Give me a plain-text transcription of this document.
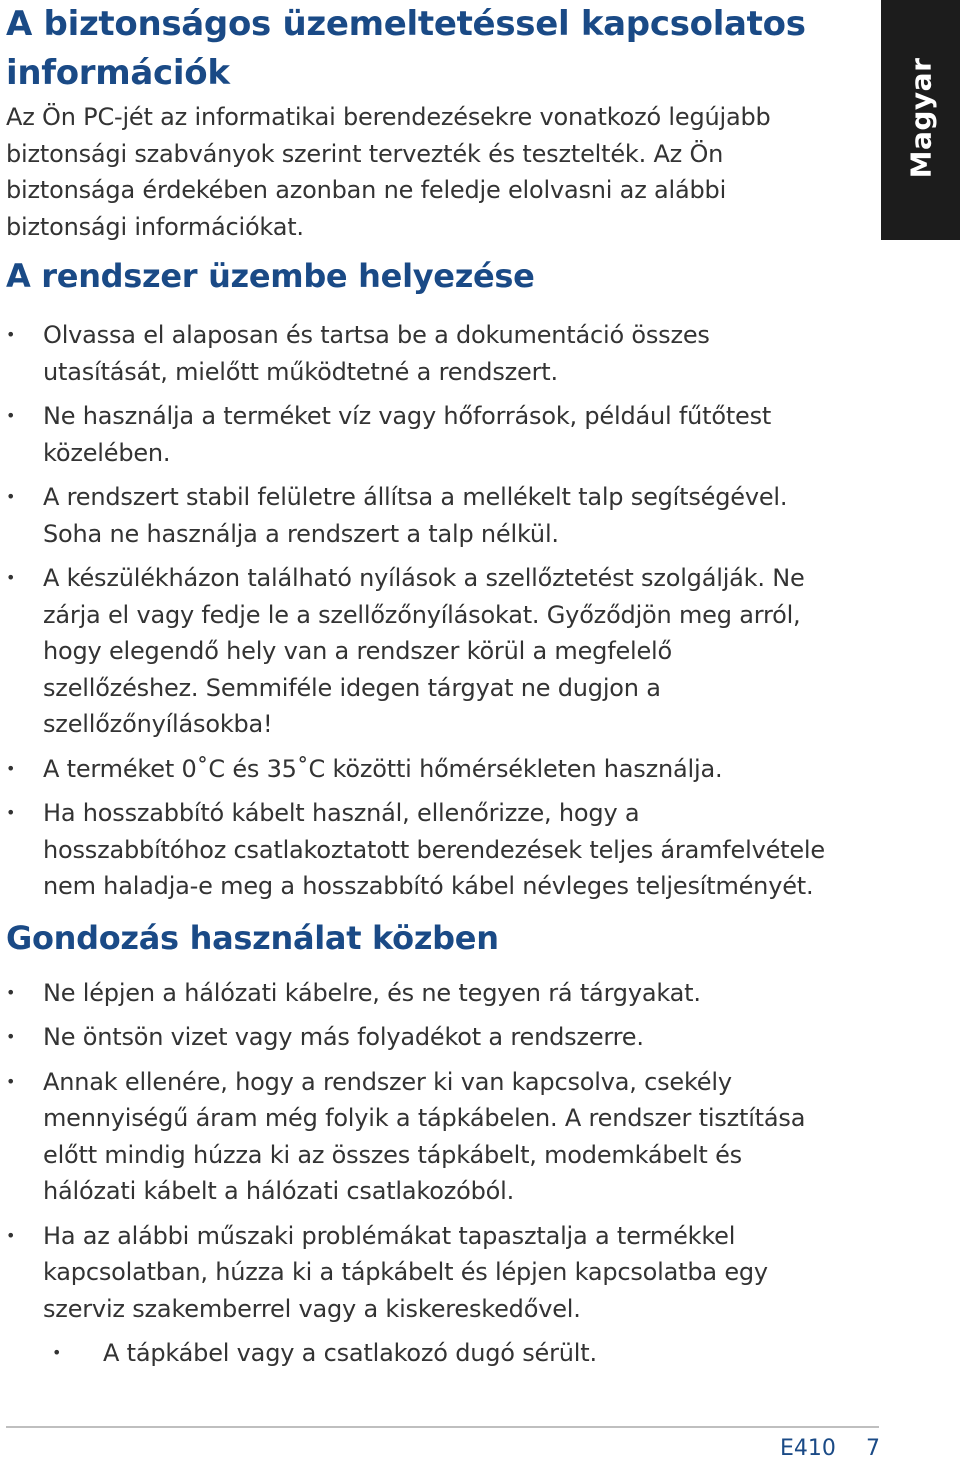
Magyar
A biztonságos üzemeltetéssel kapcsolatos információk

Az Ön PC-jét az informatikai berendezésekre vonatkozó legújabb biztonsági szabványok szerint tervezték és tesztelték. Az Ön biztonsága érdekében azonban ne feledje elolvasni az alábbi biztonsági információkat.

A rendszer üzembe helyezése
• Olvassa el alaposan és tartsa be a dokumentáció összes utasítását, mielőtt működtetné a rendszert.
• Ne használja a terméket víz vagy hőforrások, például fűtőtest közelében.
• A rendszert stabil felületre állítsa a mellékelt talp segítségével. Soha ne használja a rendszert a talp nélkül.
• A készülékházon található nyílások a szellőztetést szolgálják. Ne zárja el vagy fedje le a szellőzőnyílásokat. Győződjön meg arról, hogy elegendő hely van a rendszer körül a megfelelő szellőzéshez. Semmiféle idegen tárgyat ne dugjon a szellőzőnyílásokba!
• A terméket 0˚C és 35˚C közötti hőmérsékleten használja.
• Ha hosszabbító kábelt használ, ellenőrizze, hogy a hosszabbítóhoz csatlakoztatott berendezések teljes áramfelvétele nem haladja-e meg a hosszabbító kábel névleges teljesítményét.
Gondozás használat közben
• Ne lépjen a hálózati kábelre, és ne tegyen rá tárgyakat.
• Ne öntsön vizet vagy más folyadékot a rendszerre.
• Annak ellenére, hogy a rendszer ki van kapcsolva, csekély mennyiségű áram még folyik a tápkábelen. A rendszer tisztítása előtt mindig húzza ki az összes tápkábelt, modemkábelt és hálózati kábelt a hálózati csatlakozóból.
• Ha az alábbi műszaki problémákat tapasztalja a termékkel kapcsolatban, húzza ki a tápkábelt és lépjen kapcsolatba egy szerviz szakemberrel vagy a kiskereskedővel.
• A tápkábel vagy a csatlakozó dugó sérült.
E410 7
